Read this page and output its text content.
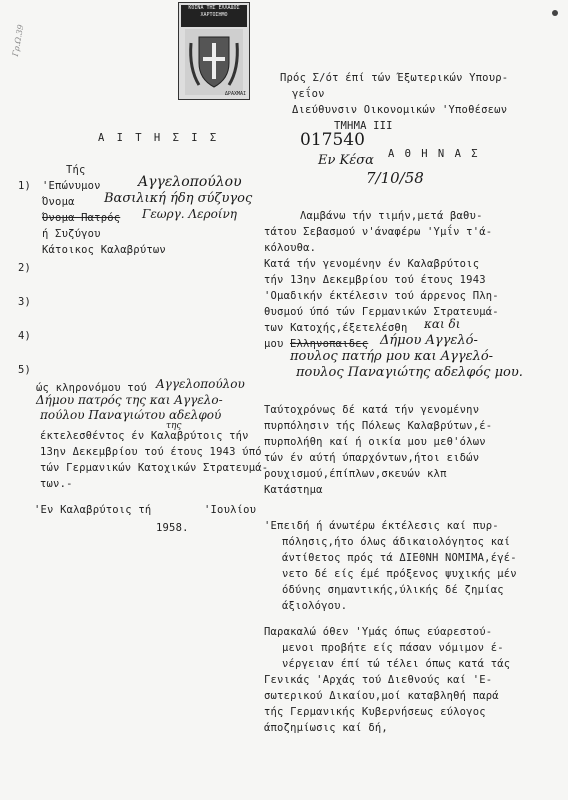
Γρ.Ω.39
ΚΟΙΝΑ ΤΗΣ ΕΛΛΑΔΟΣ
ΧΑΡΤΟΣΗΜΟ
ΔΡΑΧΜΑΙ
Α Ι Τ Η Σ Ι Σ
Τής
1) 'Επώνυμον	Αγγελοπούλου
Όνομα Βασιλική ήδη σύζυγος
Όνομα Πατρός Γεωργ. Λεροίνη
ή Συζύγου
Κάτοικος Καλαβρύτων
2)
3)
4)
5)
ώς κληρονόμου τού Αγγελοπούλου
Δήμου πατρός της και Αγγελο-
πούλου Παναγιώτου αδελφού
της
έκτελεσθέντος έν Καλαβρύτοις τήν
13ην Δεκεμβρίου τού έτους 1943 ύπό
τών Γερμανικών Κατοχικών Στρατευμά-
των.-
'Εν Καλαβρύτοις τή	'Ιουλίου
1958.
Πρός Σ/ότ έπί τών Έξωτερικών Υπουρ-
γεΐον
Διεύθυνσιν Οικονομικών 'Υποθέσεων
ΤΜΗΜΑ ΙΙΙ
017540
Εν Κέσα Α Θ Η Ν Α Σ
7/10/58
Λαμβάνω τήν τιμήν,μετά βαθυ-
τάτου Σεβασμού ν'άναφέρω 'Υμΐν τ'ά-
κόλουθα.
Κατά τήν γενομένην έν Καλαβρύτοις
τήν 13ην Δεκεμβρίου τού έτους 1943
'Ομαδικήν έκτέλεσιν τού άρρενος Πλη-
θυσμού ύπό τών Γερμανικών Στρατευμά-
των Κατοχής,έξετελέσθη και δι
μου Ελληνοπαιδες Δήμου Αγγελό-
πουλος πατήρ μου και Αγγελό-
πουλος Παναγιώτης αδελφός μου.
Ταύτοχρόνως δέ κατά τήν γενομένην
πυρπόλησιν τής Πόλεως Καλαβρύτων,έ-
πυρπολήθη καί ή οικία μου μεθ'όλων
τών έν αύτή ύπαρχόντων,ήτοι ειδών
ρουχισμού,έπίπλων,σκευών κλπ
Κατάστημα
'Επειδή ή άνωτέρω έκτέλεσις καί πυρ-
πόλησις,ήτο όλως άδικαιολόγητος καί
άντίθετος πρός τά ΔΙΕΘΝΗ ΝΟΜΙΜΑ,έγέ-
νετο δέ είς έμέ πρόξενος ψυχικής μέν
όδύνης σημαντικής,ύλικής δέ ζημίας
άξιολόγου.
Παρακαλώ όθεν 'Υμάς όπως εύαρεστού-
μενοι προβήτε είς πάσαν νόμιμον έ-
νέργειαν έπί τώ τέλει όπως κατά τάς
Γενικάς 'Αρχάς τού Διεθνούς καί 'Ε-
σωτερικού Δικαίου,μοί καταβληθή παρά
τής Γερμανικής Κυβερνήσεως εύλογος
άποζημίωσις καί δή,
